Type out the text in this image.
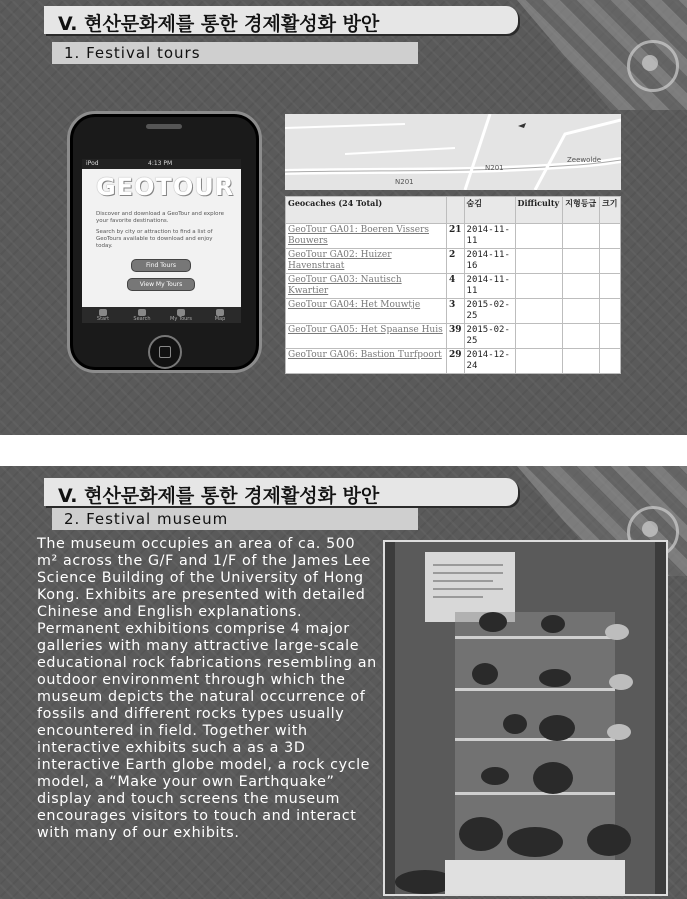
V. 현산문화제를 통한 경제활성화 방안
1. Festival tours
iPod	4:13 PM
GEOTOUR
Discover and download a GeoTour and explore your favorite destinations.
Search by city or attraction to find a list of GeoTours available to download and enjoy today.
Find Tours
View My Tours
Start	Search	My Tours	Map
N201
N201
Zeewolde
Geocaches (24 Total)		숨김	Difficulty	지형등급	크기
GeoTour GA01: Boeren Vissers Bouwers	21	2014-11-11			
GeoTour GA02: Huizer Havenstraat	2	2014-11-16			
GeoTour GA03: Nautisch Kwartier	4	2014-11-11			
GeoTour GA04: Het Mouwtje	3	2015-02-25			
GeoTour GA05: Het Spaanse Huis	39	2015-02-25			
GeoTour GA06: Bastion Turfpoort	29	2014-12-24			
V. 현산문화제를 통한 경제활성화 방안
2. Festival museum
The museum occupies an area of ca. 500 m² across the G/F and 1/F of the James Lee Science Building of the University of Hong Kong. Exhibits are presented with detailed Chinese and English explanations. Permanent exhibitions comprise 4 major galleries with many attractive large-scale educational rock fabrications resembling an outdoor environment through which the museum depicts the natural occurrence of fossils and different rocks types usually encountered in field. Together with interactive exhibits such a as a 3D interactive Earth globe model, a rock cycle model, a “Make your own Earthquake” display and touch screens the museum encourages visitors to touch and interact with many of our exhibits.
